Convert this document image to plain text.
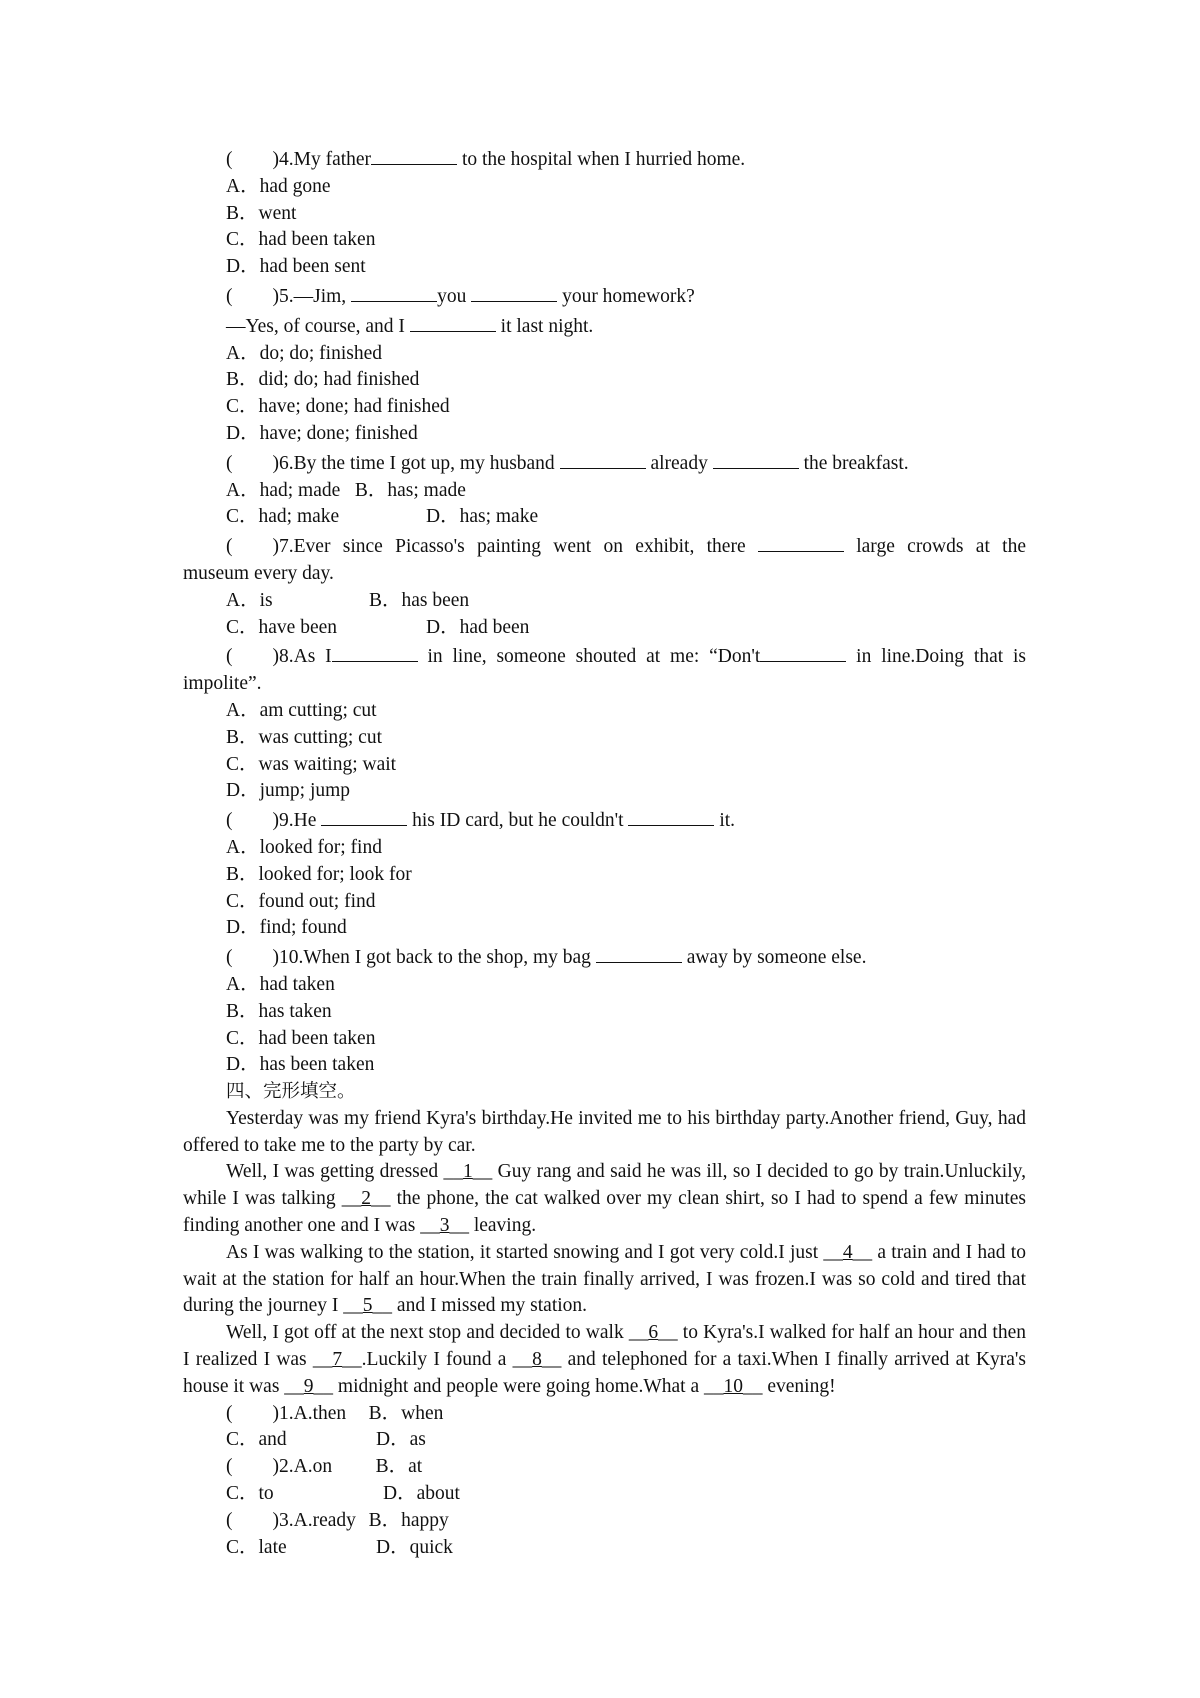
( )4.My father	to the hospital when I hurried home.
A．had gone
B．went
C．had been taken
D．had been sent
( )5.—Jim,	you	your homework?
—Yes, of course, and I	it last night.
A．do; do; finished
B．did; do; had finished
C．have; done; had finished
D．have; done; finished
( )6.By the time I got up, my husband	already	the breakfast.
A．had; made B．has; made
C．had; make	D．has; make
( )7.Ever since Picasso's painting went on exhibit, there	large crowds at the
museum every day.
A．is	B．has been
C．have been	D．had been
( )8.As I	in line, someone shouted at me: “Don't	in line.Doing that is
impolite”.
A．am cutting; cut
B．was cutting; cut
C．was waiting; wait
D．jump; jump
( )9.He	his ID card, but he couldn't	it.
A．looked for; find
B．looked for; look for
C．found out; find
D．find; found
( )10.When I got back to the shop, my bag	away by someone else.
A．had taken
B．has taken
C．had been taken
D．has been taken
四、完形填空。
Yesterday was my friend Kyra's birthday.He invited me to his birthday party.Another friend, Guy, had offered to take me to the party by car.
Well, I was getting dressed __1__ Guy rang and said he was ill, so I decided to go by train.Unluckily, while I was talking __2__ the phone, the cat walked over my clean shirt, so I had to spend a few minutes finding another one and I was __3__ leaving.
As I was walking to the station, it started snowing and I got very cold.I just __4__ a train and I had to wait at the station for half an hour.When the train finally arrived, I was frozen.I was so cold and tired that during the journey I __5__ and I missed my station.
Well, I got off at the next stop and decided to walk __6__ to Kyra's.I walked for half an hour and then I realized I was __7__.Luckily I found a __8__ and telephoned for a taxi.When I finally arrived at Kyra's house it was __9__ midnight and people were going home.What a __10__ evening!
( )1.A.then B．when
C．and	D．as
( )2.A.on B．at
C．to	D．about
( )3.A.ready B．happy
C．late	D．quick
